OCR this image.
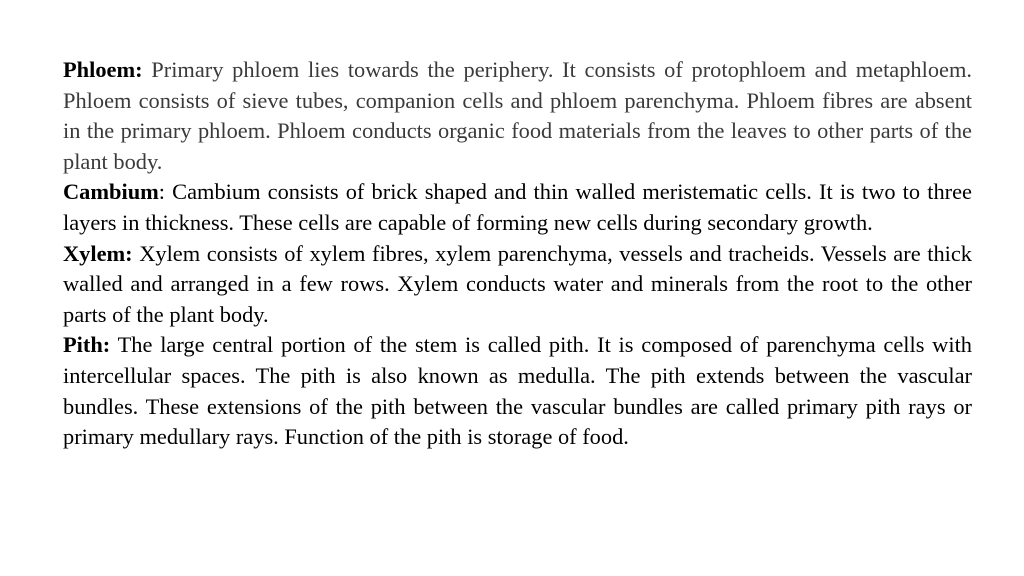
Phloem: Primary phloem lies towards the periphery. It consists of protophloem and metaphloem. Phloem consists of sieve tubes, companion cells and phloem parenchyma. Phloem fibres are absent in the primary phloem. Phloem conducts organic food materials from the leaves to other parts of the plant body.

Cambium: Cambium consists of brick shaped and thin walled meristematic cells. It is two to three layers in thickness. These cells are capable of forming new cells during secondary growth.

Xylem: Xylem consists of xylem fibres, xylem parenchyma, vessels and tracheids. Vessels are thick walled and arranged in a few rows. Xylem conducts water and minerals from the root to the other parts of the plant body.

Pith: The large central portion of the stem is called pith. It is composed of parenchyma cells with intercellular spaces. The pith is also known as medulla. The pith extends between the vascular bundles. These extensions of the pith between the vascular bundles are called primary pith rays or primary medullary rays. Function of the pith is storage of food.
